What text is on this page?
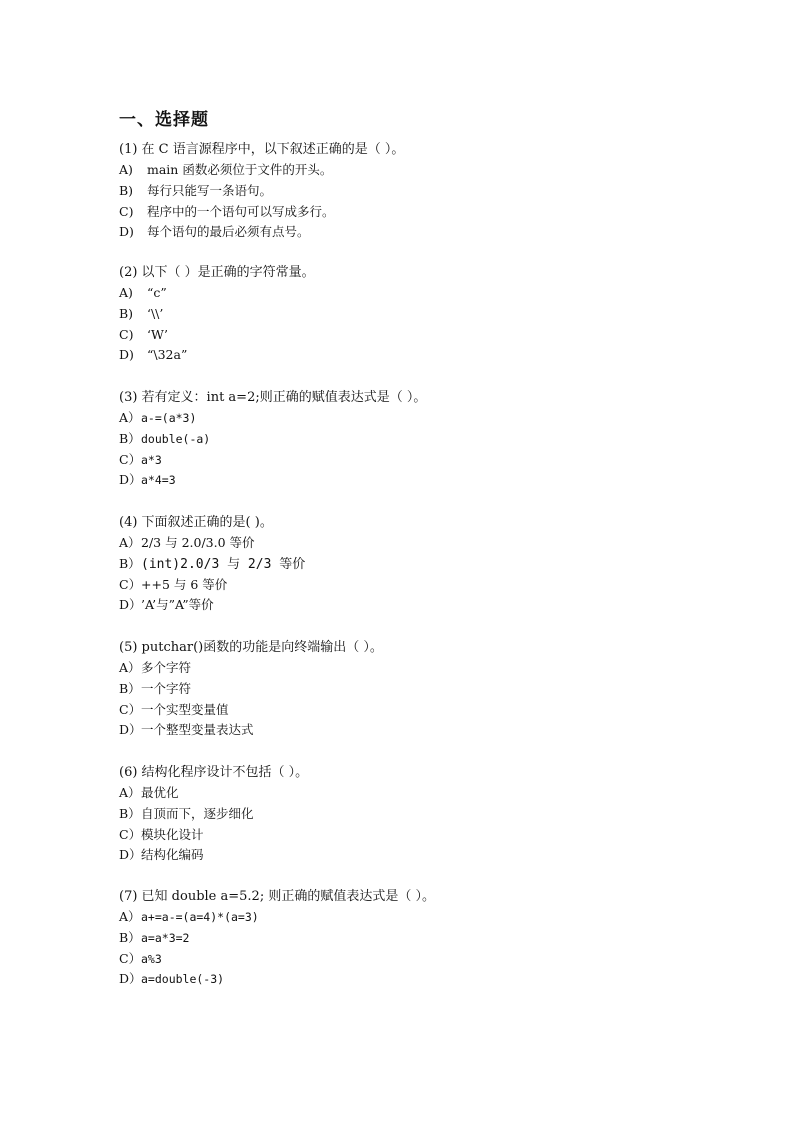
一、选择题
(1) 在 C 语言源程序中，以下叙述正确的是（ ）。
A) main 函数必须位于文件的开头。
B) 每行只能写一条语句。
C) 程序中的一个语句可以写成多行。
D) 每个语句的最后必须有点号。
(2) 以下（ ）是正确的字符常量。
A) “c”
B) ‘\\’
C) ‘W’
D) “\32a”
(3) 若有定义：int a=2;则正确的赋值表达式是（ ）。
A）a-=(a*3)
B）double(-a)
C）a*3
D）a*4=3
(4) 下面叙述正确的是( )。
A）2/3 与 2.0/3.0 等价
B）(int)2.0/3 与 2/3 等价
C）++5 与 6 等价
D）’A’与”A”等价
(5) putchar()函数的功能是向终端输出（ ）。
A）多个字符
B）一个字符
C）一个实型变量值
D）一个整型变量表达式
(6) 结构化程序设计不包括（ ）。
A）最优化
B）自顶而下，逐步细化
C）模块化设计
D）结构化编码
(7) 已知 double a=5.2; 则正确的赋值表达式是（ ）。
A）a+=a-=(a=4)*(a=3)
B）a=a*3=2
C）a%3
D）a=double(-3)
